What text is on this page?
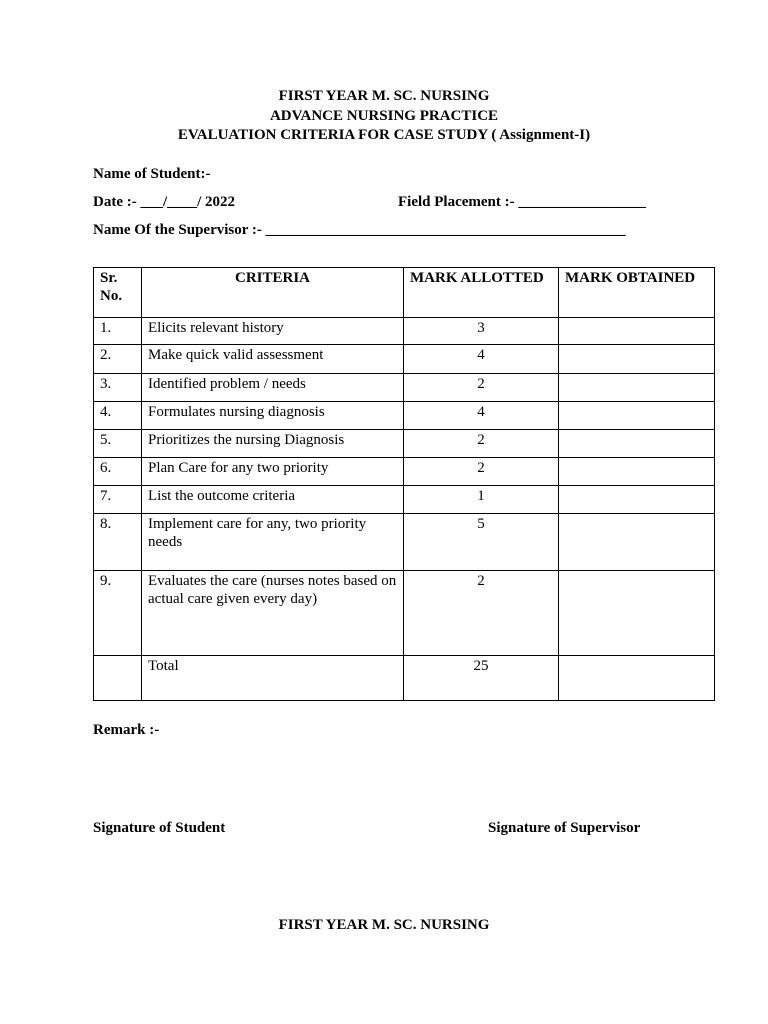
FIRST YEAR M. SC. NURSING
ADVANCE NURSING PRACTICE
EVALUATION CRITERIA FOR CASE STUDY ( Assignment-I)
Name of Student:-
Date :- ___/____/ 2022	Field Placement :- _________________
Name Of the Supervisor :- ________________________________________________
Sr. No.	CRITERIA	MARK ALLOTTED	MARK OBTAINED

1.	Elicits relevant history	3	

2.	Make quick valid assessment	4	

3.	Identified problem / needs	2	

4.	Formulates nursing diagnosis	4	

5.	Prioritizes the nursing Diagnosis	2	

6.	Plan Care for any two priority	2	

7.	List the outcome criteria	1	

8.	Implement care for any, two priority needs	5	

9.	Evaluates the care (nurses notes based on actual care given every day)	2	

	Total	25	

Remark :-
Signature of Student	Signature of Supervisor
FIRST YEAR M. SC. NURSING
